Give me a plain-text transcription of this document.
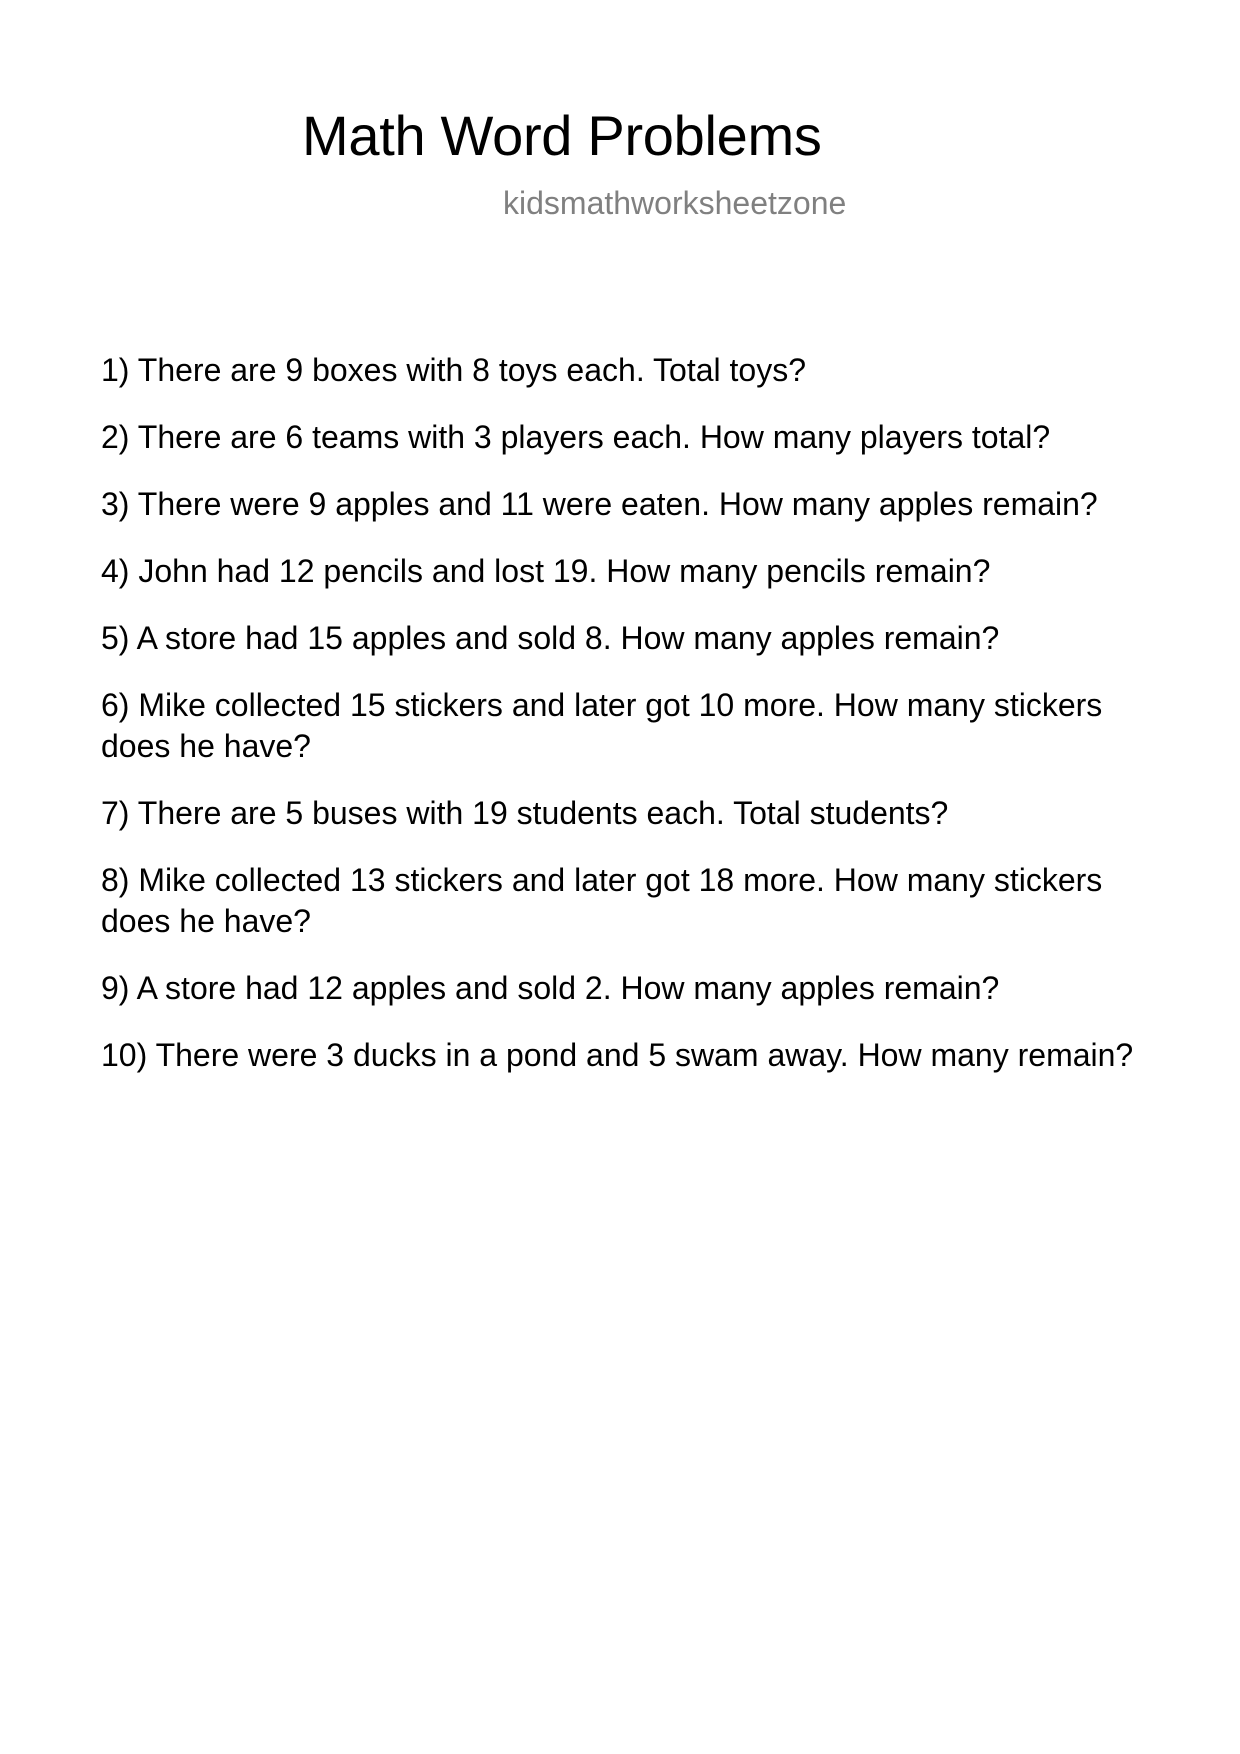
Math Word Problems
kidsmathworksheetzone
1) There are 9 boxes with 8 toys each. Total toys?
2) There are 6 teams with 3 players each. How many players total?
3) There were 9 apples and 11 were eaten. How many apples remain?
4) John had 12 pencils and lost 19. How many pencils remain?
5) A store had 15 apples and sold 8. How many apples remain?
6) Mike collected 15 stickers and later got 10 more. How many stickers does he have?
7) There are 5 buses with 19 students each. Total students?
8) Mike collected 13 stickers and later got 18 more. How many stickers does he have?
9) A store had 12 apples and sold 2. How many apples remain?
10) There were 3 ducks in a pond and 5 swam away. How many remain?
